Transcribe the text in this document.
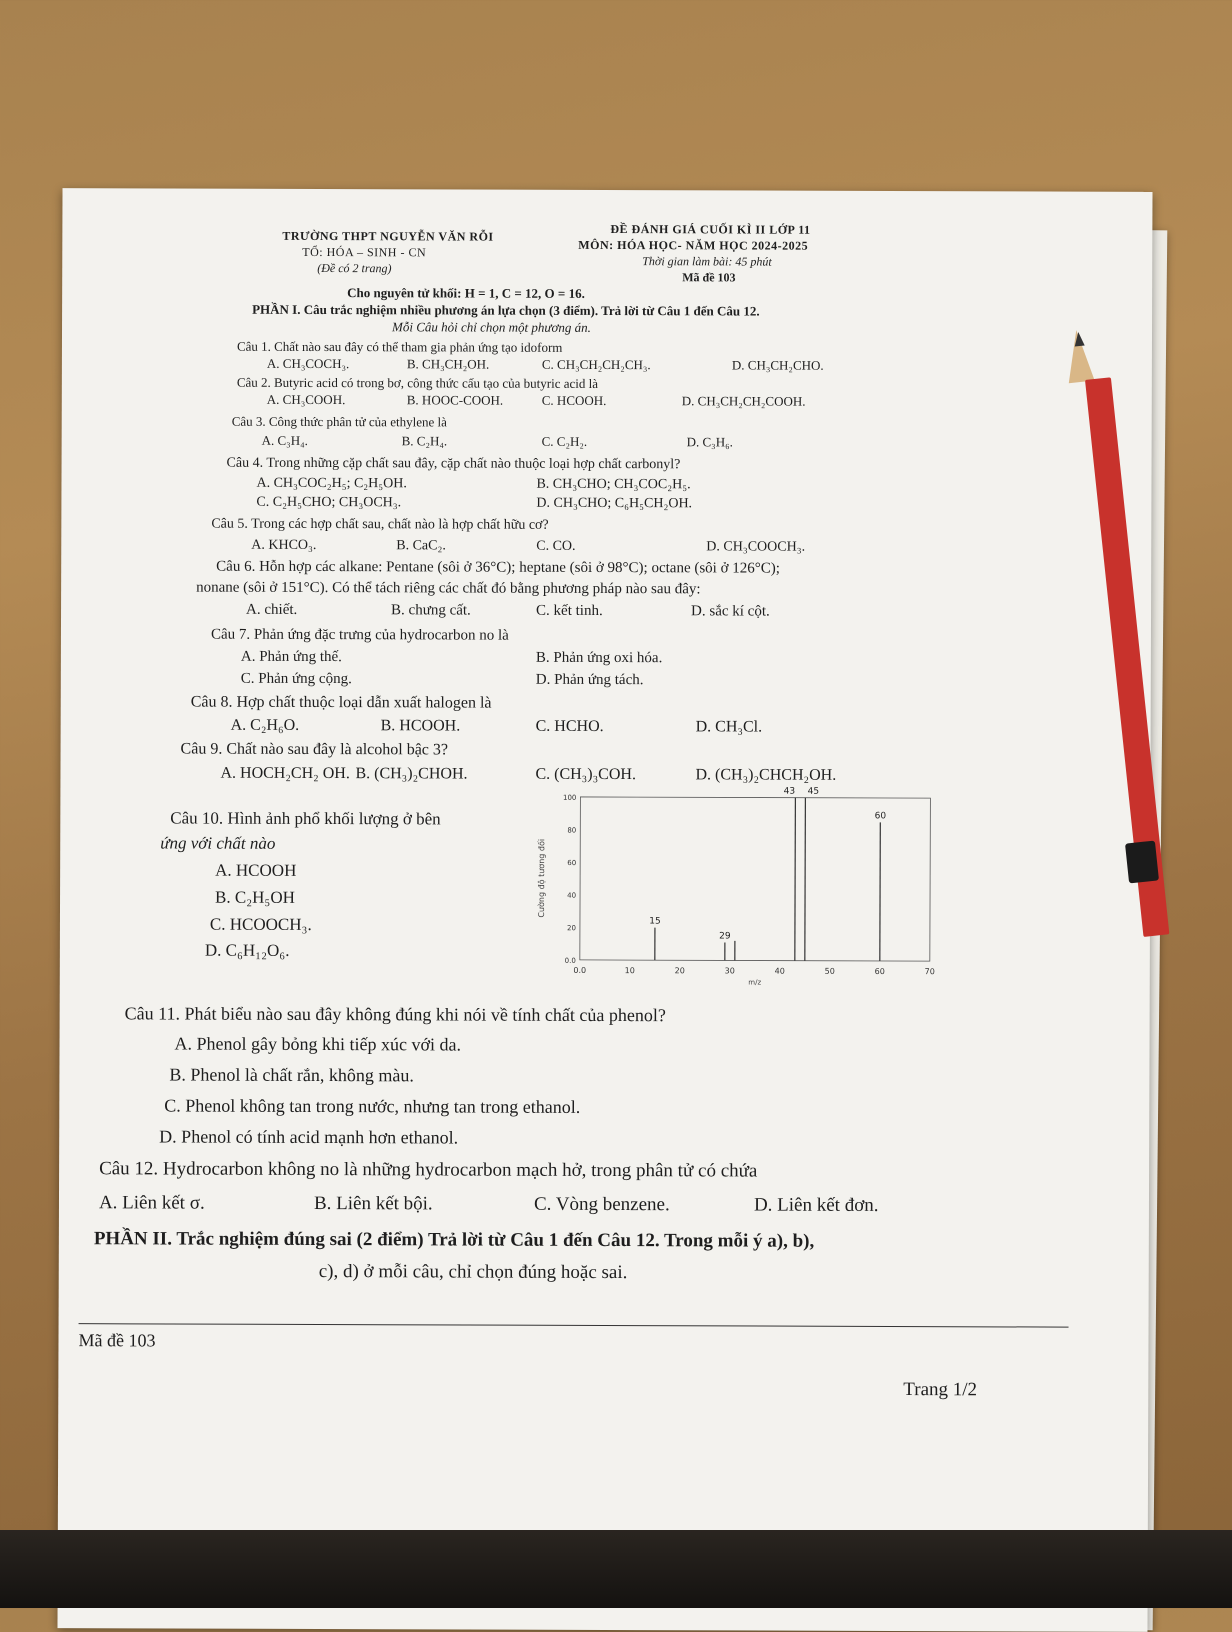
TRƯỜNG THPT NGUYỄN VĂN RỖI
TỔ: HÓA – SINH - CN
(Đề có 2 trang)
ĐỀ ĐÁNH GIÁ CUỐI KÌ II LỚP 11
MÔN: HÓA HỌC- NĂM HỌC 2024-2025
Thời gian làm bài: 45 phút
Mã đề 103
Cho nguyên tử khối: H = 1, C = 12, O = 16.
PHẦN I. Câu trắc nghiệm nhiều phương án lựa chọn (3 điểm). Trả lời từ Câu 1 đến Câu 12.
Mỗi Câu hỏi chỉ chọn một phương án.
Câu 1. Chất nào sau đây có thể tham gia phản ứng tạo idoform
A. CH₃COCH₃.	B. CH₃CH₂OH.	C. CH₃CH₂CH₂CH₃.	D. CH₃CH₂CHO.
Câu 2. Butyric acid có trong bơ, công thức cấu tạo của butyric acid là
A. CH₃COOH.	B. HOOC-COOH.	C. HCOOH.	D. CH₃CH₂CH₂COOH.
Câu 3. Công thức phân tử của ethylene là
A. C₃H₄.	B. C₂H₄.	C. C₂H₂.	D. C₃H₆.
Câu 4. Trong những cặp chất sau đây, cặp chất nào thuộc loại hợp chất carbonyl?
A. CH₃COC₂H₅; C₂H₅OH.	B. CH₃CHO; CH₃COC₂H₅.
C. C₂H₅CHO; CH₃OCH₃.	D. CH₃CHO; C₆H₅CH₂OH.
Câu 5. Trong các hợp chất sau, chất nào là hợp chất hữu cơ?
A. KHCO₃.	B. CaC₂.	C. CO.	D. CH₃COOCH₃.
Câu 6. Hỗn hợp các alkane: Pentane (sôi ở 36°C); heptane (sôi ở 98°C); octane (sôi ở 126°C);
nonane (sôi ở 151°C). Có thể tách riêng các chất đó bằng phương pháp nào sau đây:
A. chiết.	B. chưng cất.	C. kết tinh.	D. sắc kí cột.
Câu 7. Phản ứng đặc trưng của hydrocarbon no là
A. Phản ứng thế.	B. Phản ứng oxi hóa.
C. Phản ứng cộng.	D. Phản ứng tách.
Câu 8. Hợp chất thuộc loại dẫn xuất halogen là
A. C₂H₆O.	B. HCOOH.	C. HCHO.	D. CH₃Cl.
Câu 9. Chất nào sau đây là alcohol bậc 3?
A. HOCH₂CH₂ OH. B. (CH₃)₂CHOH.	C. (CH₃)₃COH.	D. (CH₃)₂CHCH₂OH.
Câu 10. Hình ảnh phổ khối lượng ở bên
ứng với chất nào
A. HCOOH
B. C₂H₅OH
C. HCOOCH₃.
D. C₆H₁₂O₆.
0.0	10	20	30	40	50	60	70
0.0
20
40
60
80
100
15
29
43 45
60
m/z
Cường độ tương đối
Câu 11. Phát biểu nào sau đây không đúng khi nói về tính chất của phenol?
A. Phenol gây bỏng khi tiếp xúc với da.
B. Phenol là chất rắn, không màu.
C. Phenol không tan trong nước, nhưng tan trong ethanol.
D. Phenol có tính acid mạnh hơn ethanol.
Câu 12. Hydrocarbon không no là những hydrocarbon mạch hở, trong phân tử có chứa
A. Liên kết σ.	B. Liên kết bội.	C. Vòng benzene.	D. Liên kết đơn.
PHẦN II. Trắc nghiệm đúng sai (2 điểm) Trả lời từ Câu 1 đến Câu 12. Trong mỗi ý a), b),
c), d) ở mỗi câu, chỉ chọn đúng hoặc sai.
Mã đề 103
Trang 1/2
